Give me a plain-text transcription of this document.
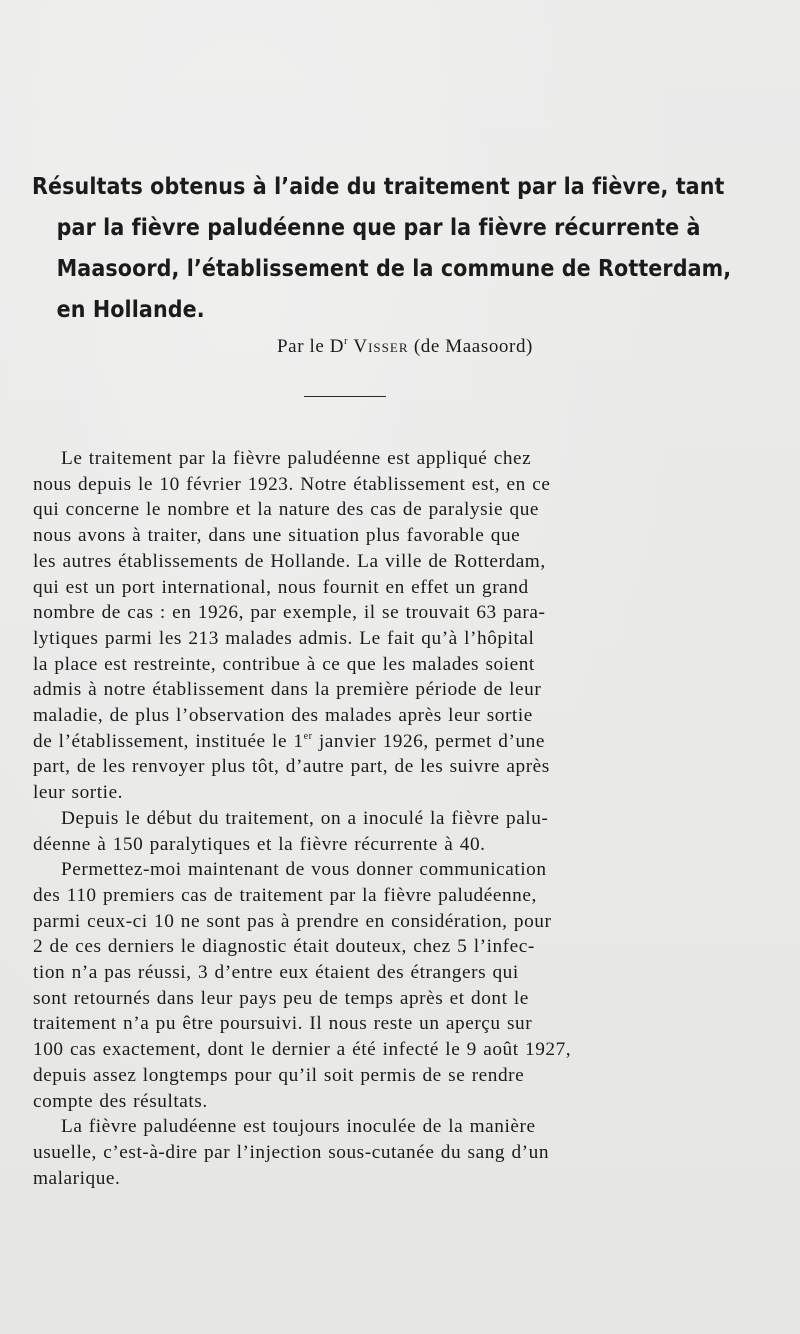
Résultats obtenus à l’aide du traitement par la fièvre, tant
par la fièvre paludéenne que par la fièvre récurrente à
Maasoord, l’établissement de la commune de Rotterdam,
en Hollande.
Par le $D^r$ Visser (de Maasoord)
Le traitement par la fièvre paludéenne est appliqué chez
nous depuis le 10 février 1923. Notre établissement est, en ce
qui concerne le nombre et la nature des cas de paralysie que
nous avons à traiter, dans une situation plus favorable que
les autres établissements de Hollande. La ville de Rotterdam,
qui est un port international, nous fournit en effet un grand
nombre de cas : en 1926, par exemple, il se trouvait 63 para-
lytiques parmi les 213 malades admis. Le fait qu’à l’hôpital
la place est restreinte, contribue à ce que les malades soient
admis à notre établissement dans la première période de leur
maladie, de plus l’observation des malades après leur sortie
de l’établissement, instituée le 1er janvier 1926, permet d’une
part, de les renvoyer plus tôt, d’autre part, de les suivre après
leur sortie.
Depuis le début du traitement, on a inoculé la fièvre palu-
déenne à 150 paralytiques et la fièvre récurrente à 40.
Permettez-moi maintenant de vous donner communication
des 110 premiers cas de traitement par la fièvre paludéenne,
parmi ceux-ci 10 ne sont pas à prendre en considération, pour
2 de ces derniers le diagnostic était douteux, chez 5 l’infec-
tion n’a pas réussi, 3 d’entre eux étaient des étrangers qui
sont retournés dans leur pays peu de temps après et dont le
traitement n’a pu être poursuivi. Il nous reste un aperçu sur
100 cas exactement, dont le dernier a été infecté le 9 août 1927,
depuis assez longtemps pour qu’il soit permis de se rendre
compte des résultats.
La fièvre paludéenne est toujours inoculée de la manière
usuelle, c’est-à-dire par l’injection sous-cutanée du sang d’un
malarique.
